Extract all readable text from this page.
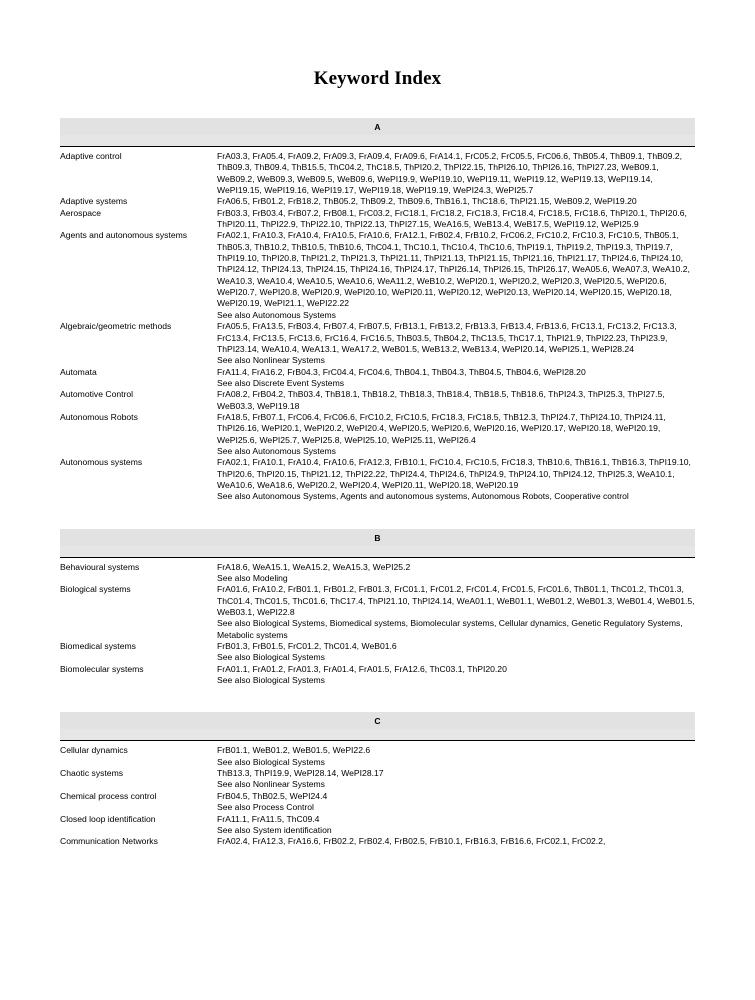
Keyword Index
A
Adaptive control	FrA03.3, FrA05.4, FrA09.2, FrA09.3, FrA09.4, FrA09.6, FrA14.1, FrC05.2, FrC05.5, FrC06.6, ThB05.4, ThB09.1, ThB09.2, ThB09.3, ThB09.4, ThB15.5, ThC04.2, ThC18.5, ThPI20.2, ThPI22.15, ThPI26.10, ThPI26.16, ThPI27.23, WeB09.1, WeB09.2, WeB09.3, WeB09.5, WeB09.6, WePI19.9, WePI19.10, WePI19.11, WePI19.12, WePI19.13, WePI19.14, WePI19.15, WePI19.16, WePI19.17, WePI19.18, WePI19.19, WePI24.3, WePI25.7
Adaptive systems	FrA06.5, FrB01.2, FrB18.2, ThB05.2, ThB09.2, ThB09.6, ThB16.1, ThC18.6, ThPI21.15, WeB09.2, WePI19.20
Aerospace	FrB03.3, FrB03.4, FrB07.2, FrB08.1, FrC03.2, FrC18.1, FrC18.2, FrC18.3, FrC18.4, FrC18.5, FrC18.6, ThPI20.1, ThPI20.6, ThPI20.11, ThPI22.9, ThPI22.10, ThPI22.13, ThPI27.15, WeA16.5, WeB13.4, WeB17.5, WePI19.12, WePI25.9
Agents and autonomous systems	FrA02.1, FrA10.3, FrA10.4, FrA10.5, FrA10.6, FrA12.1, FrB02.4, FrB10.2, FrC06.2, FrC10.2, FrC10.3, FrC10.5, ThB05.1, ThB05.3, ThB10.2, ThB10.5, ThB10.6, ThC04.1, ThC10.1, ThC10.4, ThC10.6, ThPI19.1, ThPI19.2, ThPI19.3, ThPI19.7, ThPI19.10, ThPI20.8, ThPI21.2, ThPI21.3, ThPI21.11, ThPI21.13, ThPI21.15, ThPI21.16, ThPI21.17, ThPI24.6, ThPI24.10, ThPI24.12, ThPI24.13, ThPI24.15, ThPI24.16, ThPI24.17, ThPI26.14, ThPI26.15, ThPI26.17, WeA05.6, WeA07.3, WeA10.2, WeA10.3, WeA10.4, WeA10.5, WeA10.6, WeA11.2, WeB10.2, WePI20.1, WePI20.2, WePI20.3, WePI20.5, WePI20.6, WePI20.7, WePI20.8, WePI20.9, WePI20.10, WePI20.11, WePI20.12, WePI20.13, WePI20.14, WePI20.15, WePI20.18, WePI20.19, WePI21.1, WePI22.22
See also Autonomous Systems

Algebraic/geometric methods	FrA05.5, FrA13.5, FrB03.4, FrB07.4, FrB07.5, FrB13.1, FrB13.2, FrB13.3, FrB13.4, FrB13.6, FrC13.1, FrC13.2, FrC13.3, FrC13.4, FrC13.5, FrC13.6, FrC16.4, FrC16.5, ThB03.5, ThB04.2, ThC13.5, ThC17.1, ThPI21.9, ThPI22.23, ThPI23.9, ThPI23.14, WeA10.4, WeA13.1, WeA17.2, WeB01.5, WeB13.2, WeB13.4, WePI20.14, WePI25.1, WePI28.24
See also Nonlinear Systems

Automata	FrA11.4, FrA16.2, FrB04.3, FrC04.4, FrC04.6, ThB04.1, ThB04.3, ThB04.5, ThB04.6, WePI28.20
See also Discrete Event Systems

Automotive Control	FrA08.2, FrB04.2, ThB03.4, ThB18.1, ThB18.2, ThB18.3, ThB18.4, ThB18.5, ThB18.6, ThPI24.3, ThPI25.3, ThPI27.5, WeB03.3, WePI19.18
Autonomous Robots	FrA18.5, FrB07.1, FrC06.4, FrC06.6, FrC10.2, FrC10.5, FrC18.3, FrC18.5, ThB12.3, ThPI24.7, ThPI24.10, ThPI24.11, ThPI26.16, WePI20.1, WePI20.2, WePI20.4, WePI20.5, WePI20.6, WePI20.16, WePI20.17, WePI20.18, WePI20.19, WePI25.6, WePI25.7, WePI25.8, WePI25.10, WePI25.11, WePI26.4
See also Autonomous Systems

Autonomous systems	FrA02.1, FrA10.1, FrA10.4, FrA10.6, FrA12.3, FrB10.1, FrC10.4, FrC10.5, FrC18.3, ThB10.6, ThB16.1, ThB16.3, ThPI19.10, ThPI20.6, ThPI20.15, ThPI21.12, ThPI22.22, ThPI24.4, ThPI24.6, ThPI24.9, ThPI24.10, ThPI24.12, ThPI25.3, WeA10.1, WeA10.6, WeA18.6, WePI20.2, WePI20.4, WePI20.11, WePI20.18, WePI20.19
See also Autonomous Systems, Agents and autonomous systems, Autonomous Robots, Cooperative control
B
Behavioural systems	FrA18.6, WeA15.1, WeA15.2, WeA15.3, WePI25.2
See also Modeling

Biological systems	FrA01.6, FrA10.2, FrB01.1, FrB01.2, FrB01.3, FrC01.1, FrC01.2, FrC01.4, FrC01.5, FrC01.6, ThB01.1, ThC01.2, ThC01.3, ThC01.4, ThC01.5, ThC01.6, ThC17.4, ThPI21.10, ThPI24.14, WeA01.1, WeB01.1, WeB01.2, WeB01.3, WeB01.4, WeB01.5, WeB03.1, WePI22.8
See also Biological Systems, Biomedical systems, Biomolecular systems, Cellular dynamics, Genetic Regulatory Systems, Metabolic systems

Biomedical systems	FrB01.3, FrB01.5, FrC01.2, ThC01.4, WeB01.6
See also Biological Systems

Biomolecular systems	FrA01.1, FrA01.2, FrA01.3, FrA01.4, FrA01.5, FrA12.6, ThC03.1, ThPI20.20
See also Biological Systems
C
Cellular dynamics	FrB01.1, WeB01.2, WeB01.5, WePI22.6
See also Biological Systems

Chaotic systems	ThB13.3, ThPI19.9, WePI28.14, WePI28.17
See also Nonlinear Systems

Chemical process control	FrB04.5, ThB02.5, WePI24.4
See also Process Control

Closed loop identification	FrA11.1, FrA11.5, ThC09.4
See also System identification

Communication Networks	FrA02.4, FrA12.3, FrA16.6, FrB02.2, FrB02.4, FrB02.5, FrB10.1, FrB16.3, FrB16.6, FrC02.1, FrC02.2,
